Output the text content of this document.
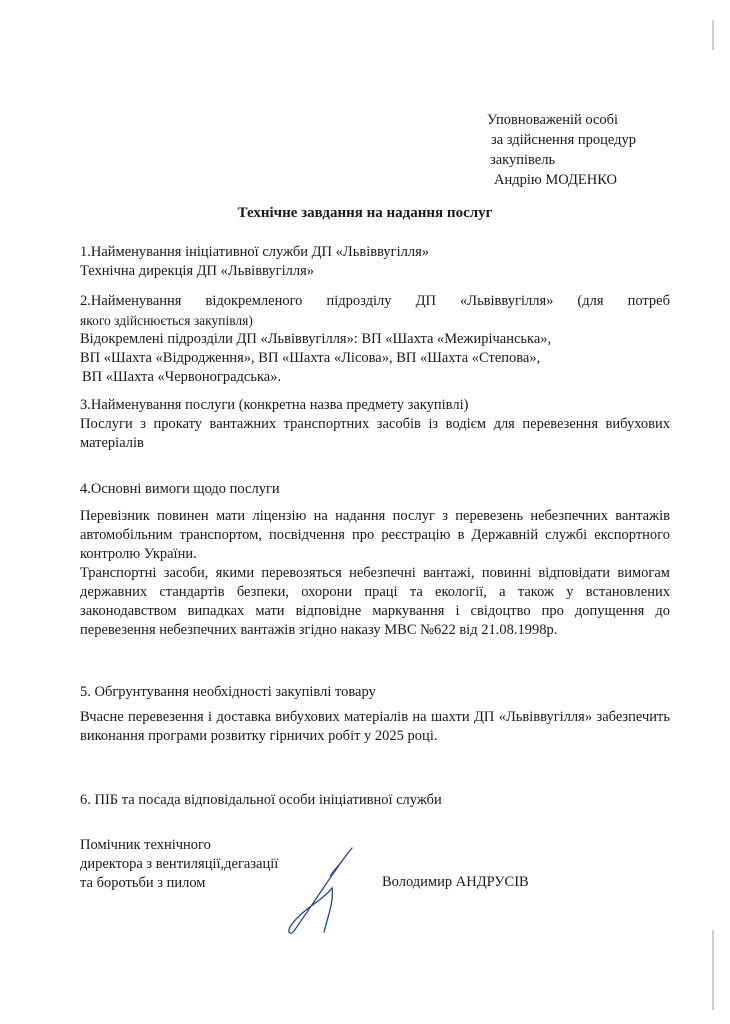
Уповноваженій особі
за здійснення процедур
закупівель
Андрію МОДЕНКО
Технічне завдання на надання послуг

1.Найменування ініціативної служби ДП «Львіввугілля»

Технічна дирекція ДП «Львіввугілля»

2.Найменування відокремленого підрозділу ДП «Львіввугілля» (для потреб

якого здійснюється закупівля)

Відокремлені підрозділи ДП «Львіввугілля»: ВП «Шахта «Межирічанська»,

ВП «Шахта «Відродження», ВП «Шахта «Лісова», ВП «Шахта «Степова»,

ВП «Шахта «Червоноградська».

3.Найменування послуги (конкретна назва предмету закупівлі)

Послуги з прокату вантажних транспортних засобів із водієм для перевезення вибухових матеріалів

4.Основні вимоги щодо послуги

Перевізник повинен мати ліцензію на надання послуг з перевезень небезпечних вантажів автомобільним транспортом, посвідчення про реєстрацію в Державній службі експортного контролю України.

Транспортні засоби, якими перевозяться небезпечні вантажі, повинні відповідати вимогам державних стандартів безпеки, охорони праці та екології, а також у встановлених законодавством випадках мати відповідне маркування і свідоцтво про допущення до перевезення небезпечних вантажів згідно наказу МВС №622 від 21.08.1998р.

5. Обгрунтування необхідності закупівлі товару
Вчасне перевезення і доставка вибухових матеріалів на шахти ДП «Львіввугілля» забезпечить виконання програми розвитку гірничих робіт у 2025 році.
6. ПІБ та посада відповідальної особи ініціативної служби
Помічник технічного
директора з вентиляції,дегазації
та боротьби з пилом	Володимир АНДРУСІВ
